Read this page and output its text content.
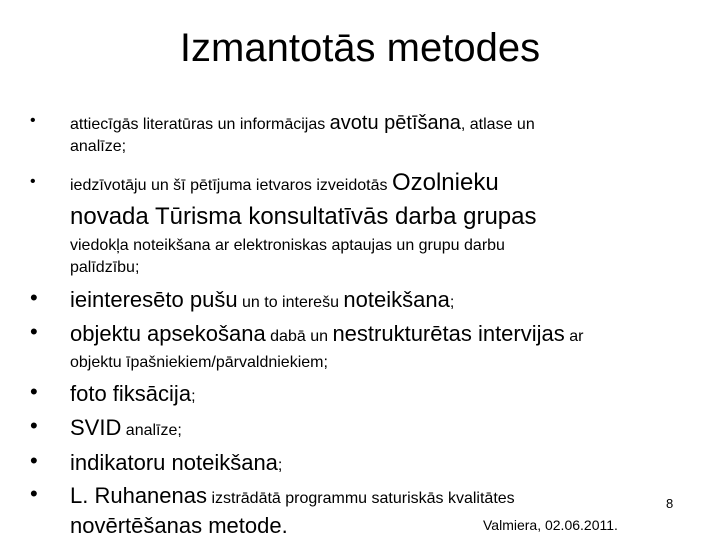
Izmantotās metodes
•	attiecīgās literatūras un informācijas avotu pētīšana, atlase un
analīze;
•	iedzīvotāju un šī pētījuma ietvaros izveidotās Ozolnieku
novada Tūrisma konsultatīvās darba grupas
viedokļa noteikšana ar elektroniskas aptaujas un grupu darbu
palīdzību;
• ieinteresēto pušu un to interešu noteikšana;
• objektu apsekošana dabā un nestrukturētas intervijas ar
objektu īpašniekiem/pārvaldniekiem;
• foto fiksācija;
• SVID analīze;
• indikatoru noteikšana;
• L. Ruhanenas izstrādātā programmu saturiskās kvalitātes
novērtēšanas metode.
8
Valmiera, 02.06.2011.
